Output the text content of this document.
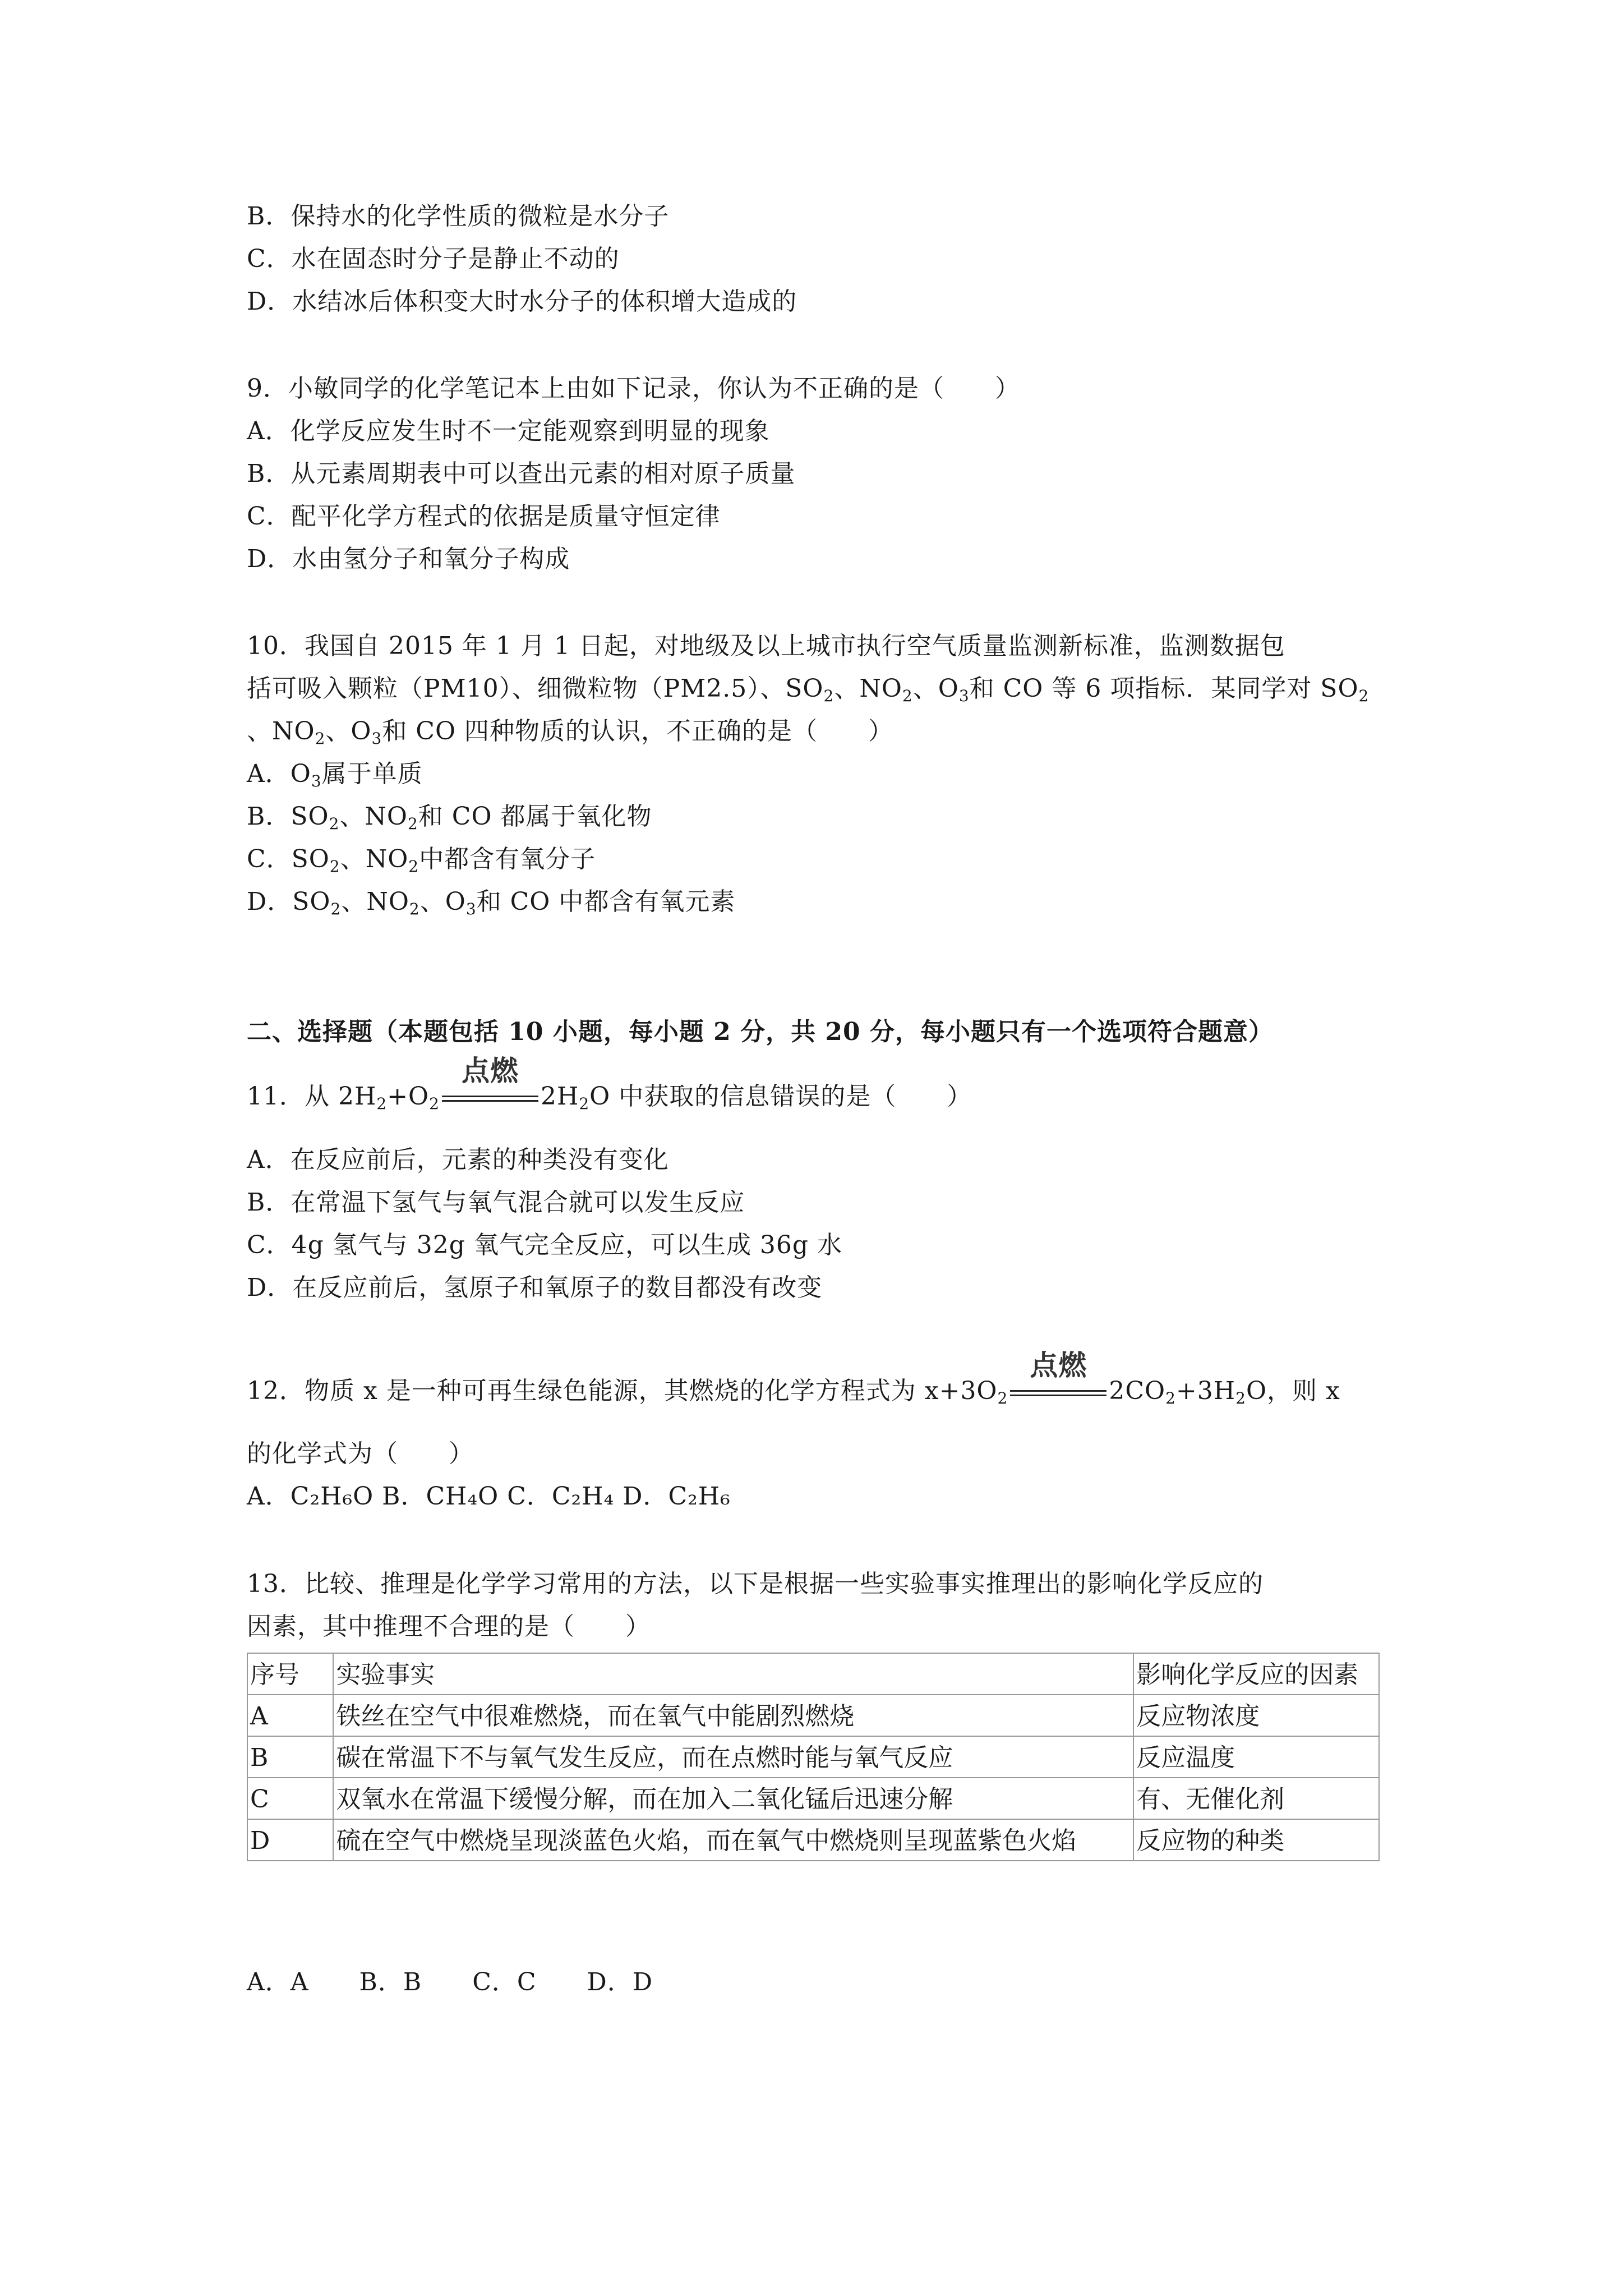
B．保持水的化学性质的微粒是水分子
C．水在固态时分子是静止不动的
D．水结冰后体积变大时水分子的体积增大造成的
9．小敏同学的化学笔记本上由如下记录，你认为不正确的是（　　）
A．化学反应发生时不一定能观察到明显的现象
B．从元素周期表中可以查出元素的相对原子质量
C．配平化学方程式的依据是质量守恒定律
D．水由氢分子和氧分子构成
10．我国自 2015 年 1 月 1 日起，对地级及以上城市执行空气质量监测新标准，监测数据包
括可吸入颗粒（PM10）、细微粒物（PM2.5）、$SO_2$、$NO_2$、$O_3$和 CO 等 6 项指标．某同学对 $SO_2$
、$NO_2$、$O_3$和 CO 四种物质的认识，不正确的是（　　）
A．$O_3$属于单质
B．$SO_2$、$NO_2$和 CO 都属于氧化物
C．$SO_2$、$NO_2$中都含有氧分子
D．$SO_2$、$NO_2$、$O_3$和 CO 中都含有氧元素
二、选择题（本题包括 10 小题，每小题 2 分，共 20 分，每小题只有一个选项符合题意）
11．从 $2H_2+O_2$
点燃
$2H_2O$ 中获取的信息错误的是（　　）
A．在反应前后，元素的种类没有变化
B．在常温下氢气与氧气混合就可以发生反应
C．4g 氢气与 32g 氧气完全反应，可以生成 36g 水
D．在反应前后，氢原子和氧原子的数目都没有改变
12．物质 x 是一种可再生绿色能源，其燃烧的化学方程式为 $x+3O_2$
点燃
$2CO_2+3H_2O$，则 x
的化学式为（　　）
A．C₂H₆O B．CH₄O C．C₂H₄ D．C₂H₆
13．比较、推理是化学学习常用的方法，以下是根据一些实验事实推理出的影响化学反应的
因素，其中推理不合理的是（　　）
序号	实验事实	影响化学反应的因素
A	铁丝在空气中很难燃烧，而在氧气中能剧烈燃烧	反应物浓度
B	碳在常温下不与氧气发生反应，而在点燃时能与氧气反应	反应温度
C	双氧水在常温下缓慢分解，而在加入二氧化锰后迅速分解	有、无催化剂
D	硫在空气中燃烧呈现淡蓝色火焰，而在氧气中燃烧则呈现蓝紫色火焰	反应物的种类
A．A　　B．B　　C．C　　D．D
